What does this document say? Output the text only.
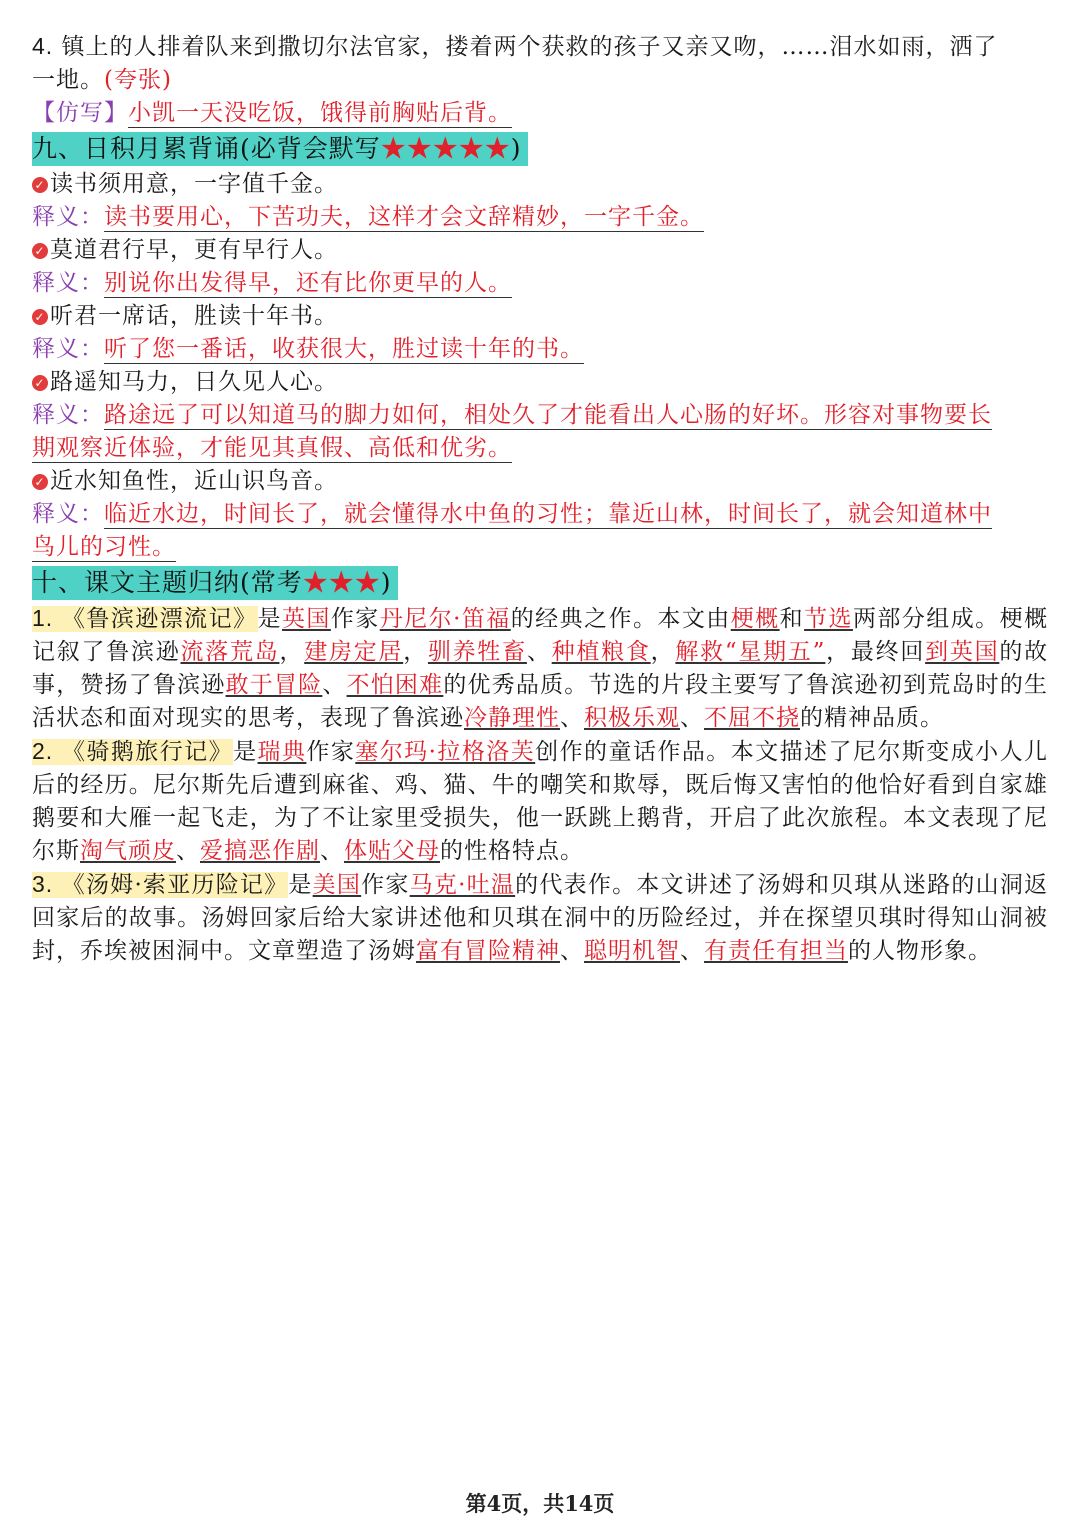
4. 镇上的人排着队来到撒切尔法官家，搂着两个获救的孩子又亲又吻，……泪水如雨，洒了
一地。(夸张)
【仿写】小凯一天没吃饭，饿得前胸贴后背。
九、日积月累背诵(必背会默写★★★★★)
✓ 读书须用意，一字值千金。
释义：读书要用心，下苦功夫，这样才会文辞精妙，一字千金。
✓ 莫道君行早，更有早行人。
释义：别说你出发得早，还有比你更早的人。
✓ 听君一席话，胜读十年书。
释义：听了您一番话，收获很大，胜过读十年的书。
✓ 路遥知马力，日久见人心。
释义：路途远了可以知道马的脚力如何，相处久了才能看出人心肠的好坏。形容对事物要长
期观察近体验，才能见其真假、高低和优劣。
✓ 近水知鱼性，近山识鸟音。
释义：临近水边，时间长了，就会懂得水中鱼的习性；靠近山林，时间长了，就会知道林中
鸟儿的习性。
十、课文主题归纳(常考★★★)
1. 《鲁滨逊漂流记》是英国作家丹尼尔·笛福的经典之作。本文由梗概和节选两部分组成。梗概记叙了鲁滨逊流落荒岛，建房定居，驯养牲畜、种植粮食，解救“星期五”，最终回到英国的故事，赞扬了鲁滨逊敢于冒险、不怕困难的优秀品质。节选的片段主要写了鲁滨逊初到荒岛时的生活状态和面对现实的思考，表现了鲁滨逊冷静理性、积极乐观、不屈不挠的精神品质。
2. 《骑鹅旅行记》是瑞典作家塞尔玛·拉格洛芙创作的童话作品。本文描述了尼尔斯变成小人儿后的经历。尼尔斯先后遭到麻雀、鸡、猫、牛的嘲笑和欺辱，既后悔又害怕的他恰好看到自家雄鹅要和大雁一起飞走，为了不让家里受损失，他一跃跳上鹅背，开启了此次旅程。本文表现了尼尔斯淘气顽皮、爱搞恶作剧、体贴父母的性格特点。
3. 《汤姆·索亚历险记》是美国作家马克·吐温的代表作。本文讲述了汤姆和贝琪从迷路的山洞返回家后的故事。汤姆回家后给大家讲述他和贝琪在洞中的历险经过，并在探望贝琪时得知山洞被封，乔埃被困洞中。文章塑造了汤姆富有冒险精神、聪明机智、有责任有担当的人物形象。
第4页，共14页
